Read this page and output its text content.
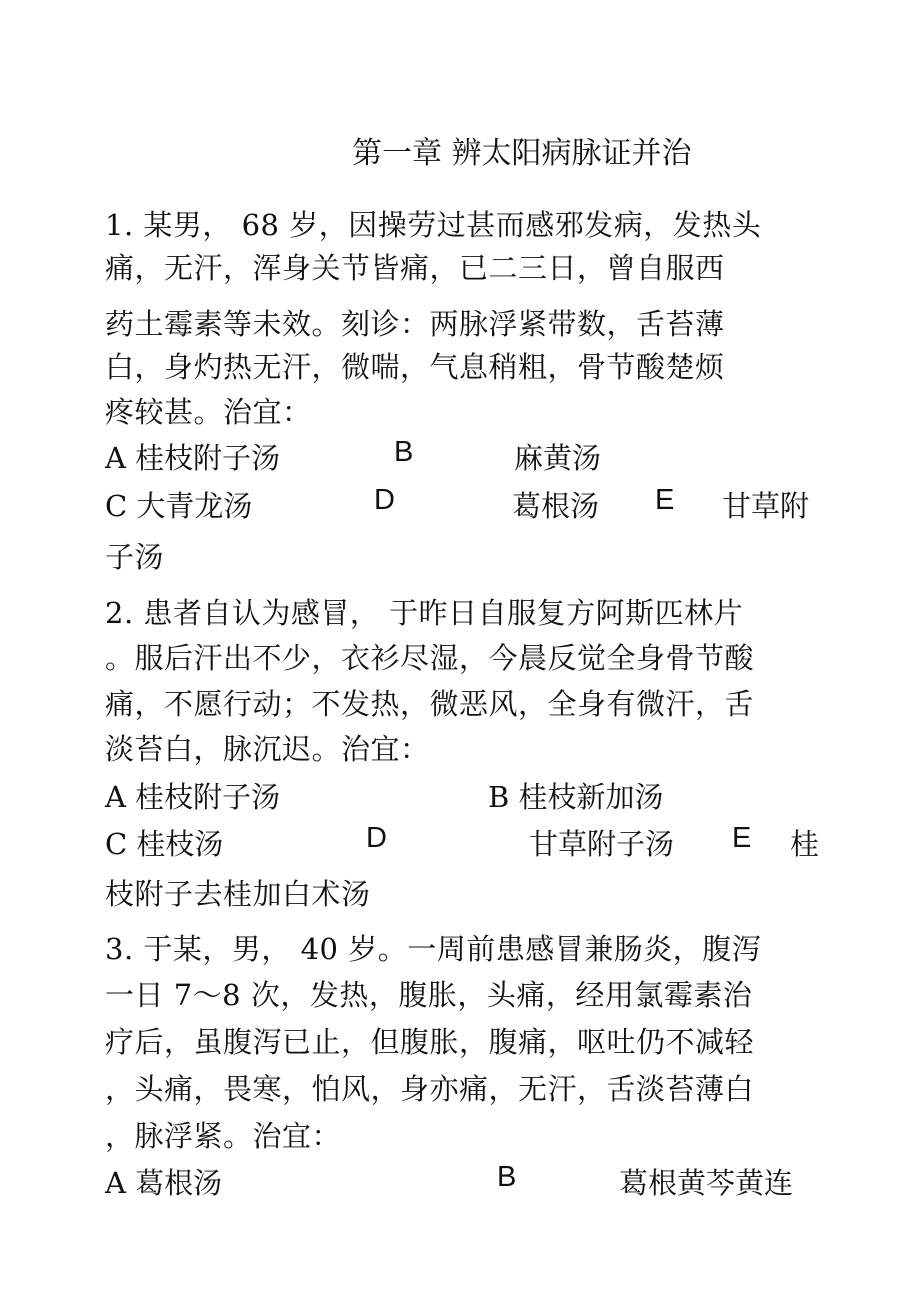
第一章 辨太阳病脉证并治
1. 某男， 68 岁，因操劳过甚而感邪发病，发热头
痛，无汗，浑身关节皆痛，已二三日，曾自服西
药土霉素等未效。刻诊：两脉浮紧带数，舌苔薄
白，身灼热无汗，微喘，气息稍粗，骨节酸楚烦
疼较甚。治宜：
A 桂枝附子汤	B	麻黄汤
C 大青龙汤	D	葛根汤 E 甘草附
子汤
2. 患者自认为感冒， 于昨日自服复方阿斯匹林片
。服后汗出不少，衣衫尽湿，今晨反觉全身骨节酸
痛，不愿行动；不发热，微恶风，全身有微汗，舌
淡苔白，脉沉迟。治宜：
A 桂枝附子汤	B 桂枝新加汤
C 桂枝汤	D	甘草附子汤 E 桂
枝附子去桂加白术汤
3. 于某，男， 40 岁。一周前患感冒兼肠炎，腹泻
一日 7～8 次，发热，腹胀，头痛，经用氯霉素治
疗后，虽腹泻已止，但腹胀，腹痛，呕吐仍不减轻
，头痛，畏寒，怕风，身亦痛，无汗，舌淡苔薄白
，脉浮紧。治宜：
A 葛根汤	B	葛根黄芩黄连
